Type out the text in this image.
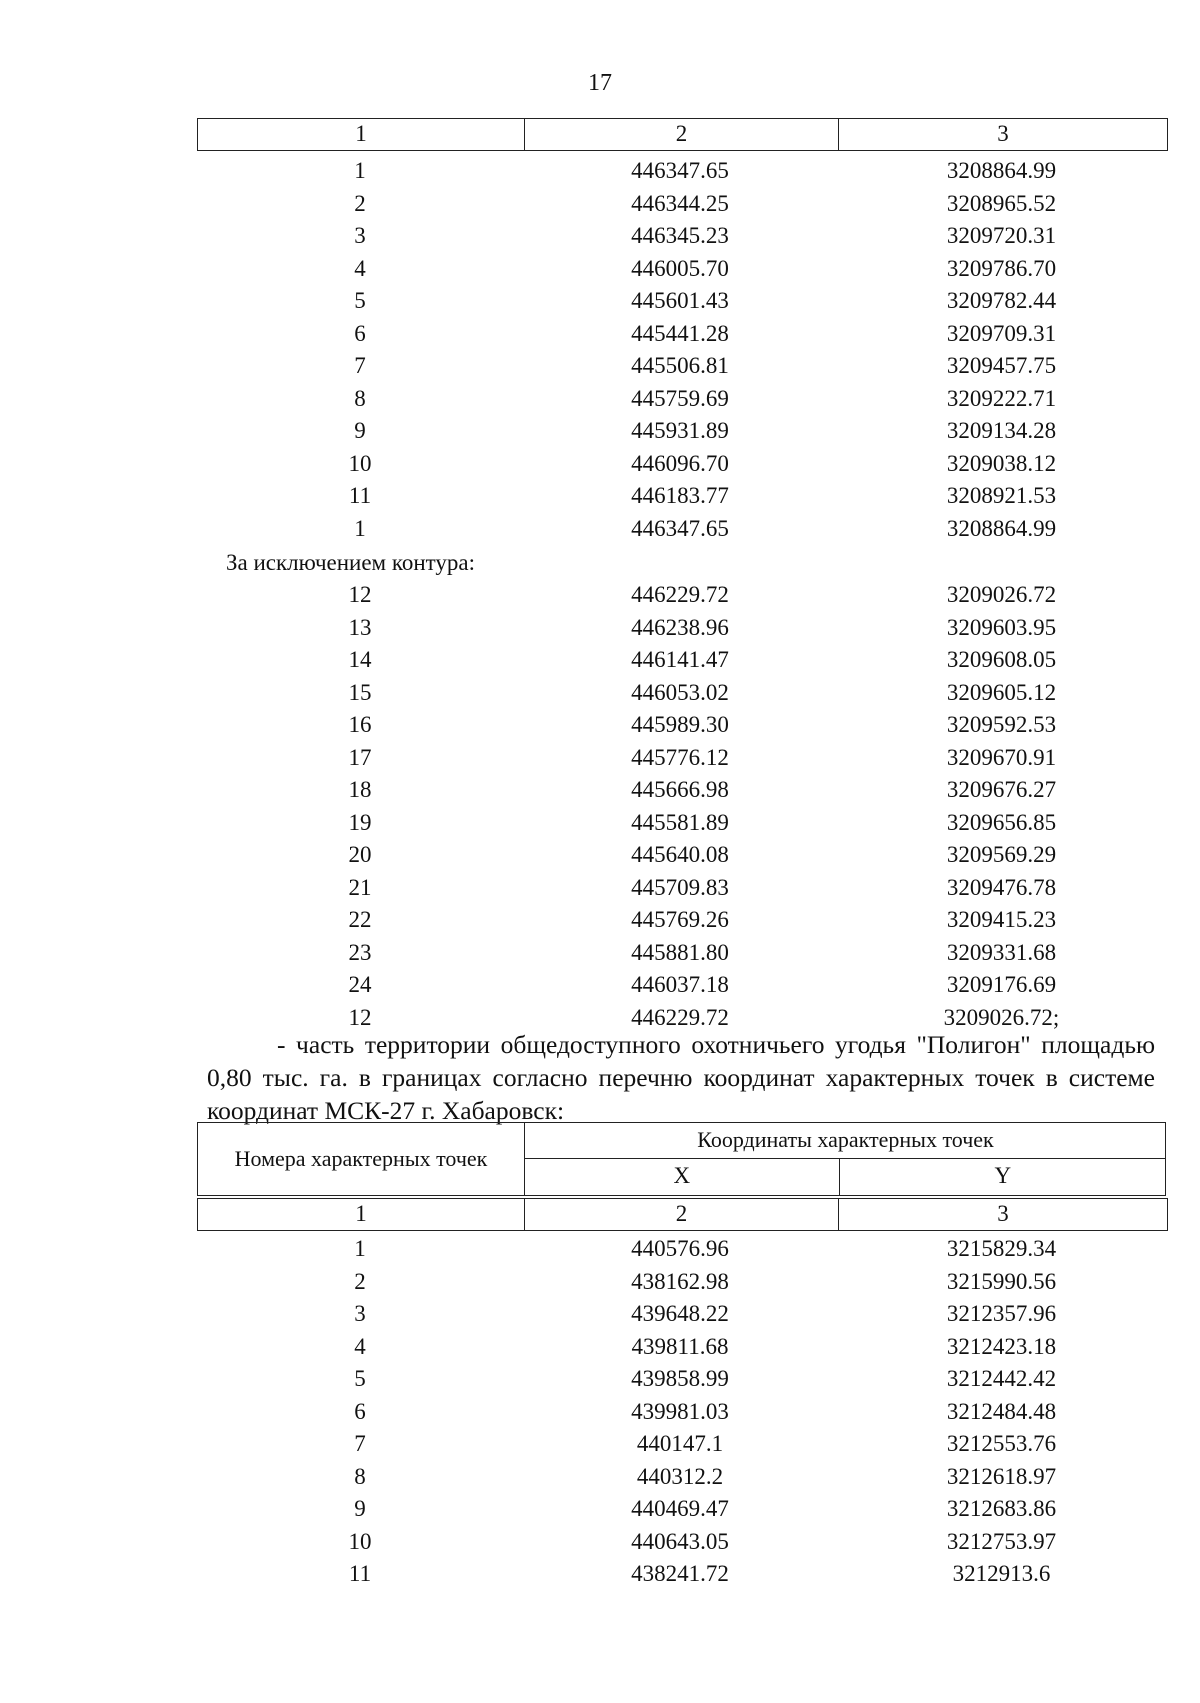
17
1	2	3
1	446347.65	3208864.99
2	446344.25	3208965.52
3	446345.23	3209720.31
4	446005.70	3209786.70
5	445601.43	3209782.44
6	445441.28	3209709.31
7	445506.81	3209457.75
8	445759.69	3209222.71
9	445931.89	3209134.28
10	446096.70	3209038.12
11	446183.77	3208921.53
1	446347.65	3208864.99
За исключением контура:
12	446229.72	3209026.72
13	446238.96	3209603.95
14	446141.47	3209608.05
15	446053.02	3209605.12
16	445989.30	3209592.53
17	445776.12	3209670.91
18	445666.98	3209676.27
19	445581.89	3209656.85
20	445640.08	3209569.29
21	445709.83	3209476.78
22	445769.26	3209415.23
23	445881.80	3209331.68
24	446037.18	3209176.69
12	446229.72	3209026.72;
- часть территории общедоступного охотничьего угодья "Полигон" площадью 0,80 тыс. га. в границах согласно перечню координат характерных точек в системе координат МСК-27 г. Хабаровск:
Номера характерных точек
Координаты характерных точек
X	Y
1	2	3
1	440576.96	3215829.34
2	438162.98	3215990.56
3	439648.22	3212357.96
4	439811.68	3212423.18
5	439858.99	3212442.42
6	439981.03	3212484.48
7	440147.1	3212553.76
8	440312.2	3212618.97
9	440469.47	3212683.86
10	440643.05	3212753.97
11	438241.72	3212913.6
